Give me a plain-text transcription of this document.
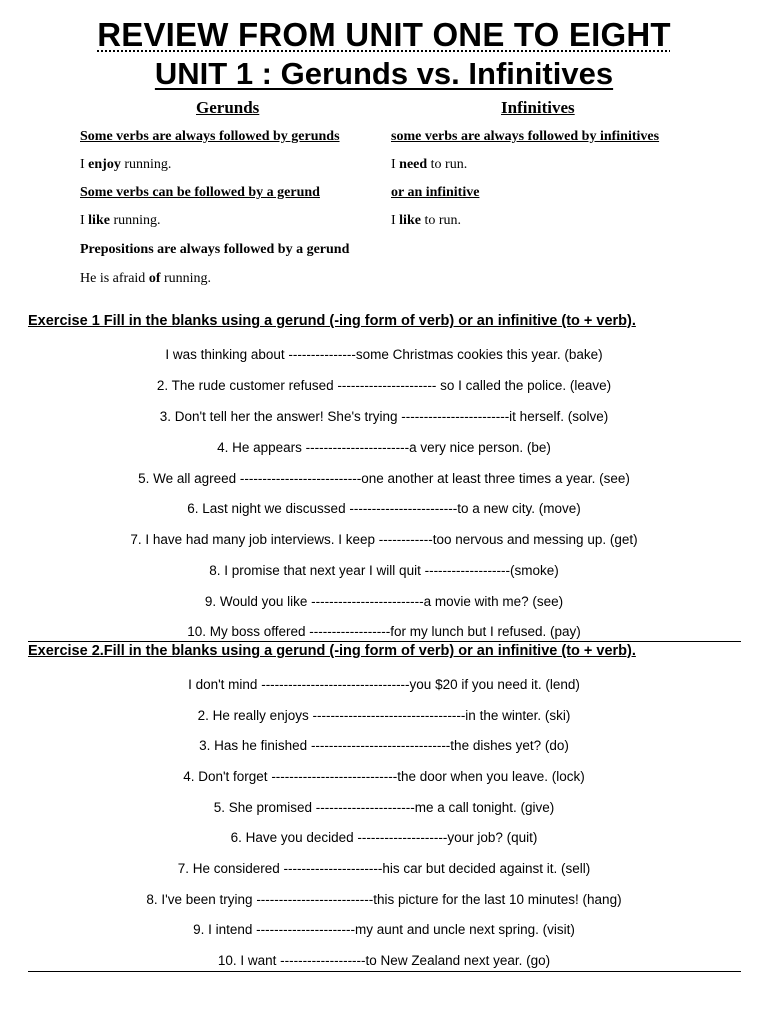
REVIEW FROM UNIT ONE TO EIGHT
UNIT 1 : Gerunds vs. Infinitives
Gerunds
Some verbs are always followed by gerunds
I enjoy running.
Some verbs can be followed by a gerund
I like running.
Prepositions are always followed by a gerund
He is afraid of running.
Infinitives
some verbs are always followed by infinitives
I need to run.
or an infinitive
I like to run.
Exercise 1 Fill in the blanks using a gerund (-ing form of verb) or an infinitive (to + verb).
I was thinking about ---------------some Christmas cookies this year. (bake)
2. The rude customer refused ---------------------- so I called the police. (leave)
3. Don't tell her the answer! She's trying ------------------------it herself. (solve)
4. He appears -----------------------a very nice person. (be)
5. We all agreed ---------------------------one another at least three times a year. (see)
6. Last night we discussed ------------------------to a new city. (move)
7. I have had many job interviews. I keep ------------too nervous and messing up. (get)
8. I promise that next year I will quit -------------------(smoke)
9. Would you like -------------------------a movie with me? (see)
10. My boss offered ------------------for my lunch but I refused. (pay)
Exercise 2.Fill in the blanks using a gerund (-ing form of verb) or an infinitive (to + verb).
I don't mind ---------------------------------you $20 if you need it. (lend)
2. He really enjoys ----------------------------------in the winter. (ski)
3. Has he finished -------------------------------the dishes yet? (do)
4. Don't forget ----------------------------the door when you leave. (lock)
5. She promised ----------------------me a call tonight. (give)
6. Have you decided --------------------your job? (quit)
7. He considered ----------------------his car but decided against it. (sell)
8. I've been trying --------------------------this picture for the last 10 minutes! (hang)
9. I intend ----------------------my aunt and uncle next spring. (visit)
10. I want -------------------to New Zealand next year. (go)
